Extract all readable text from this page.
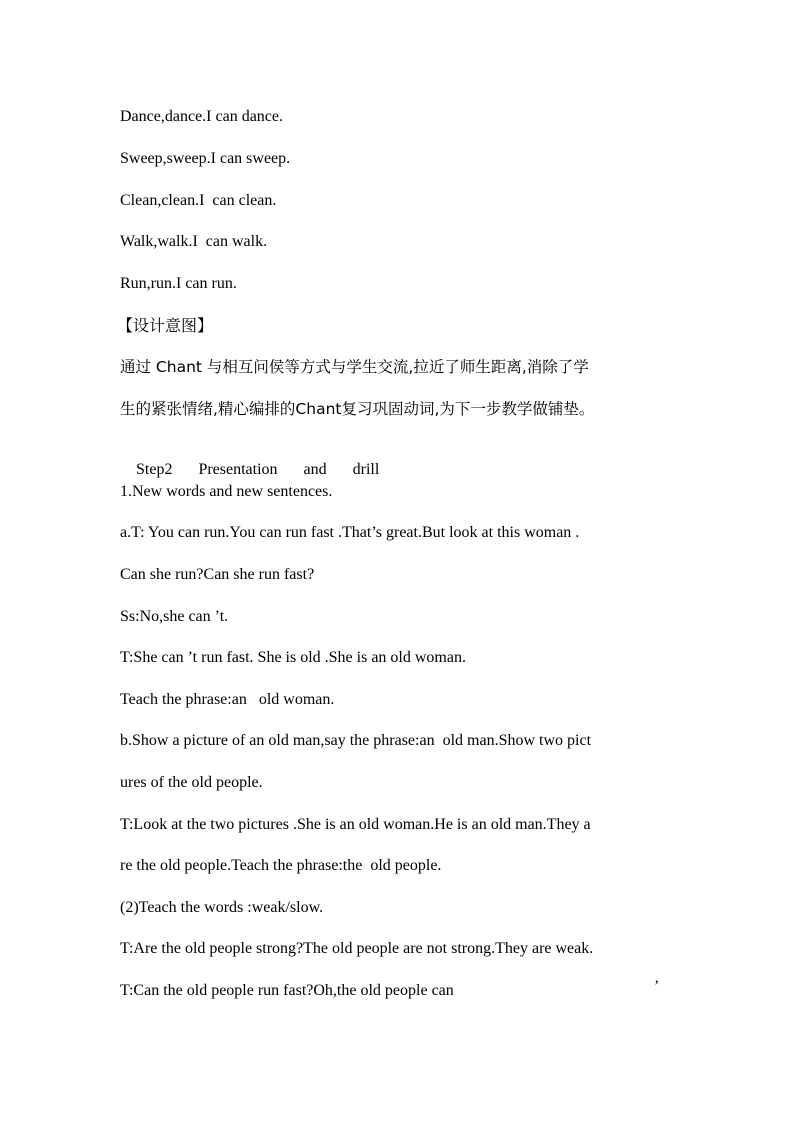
Dance,dance.I can dance.
Sweep,sweep.I can sweep.
Clean,clean.I  can clean.
Walk,walk.I  can walk.
Run,run.I can run.
【设计意图】
通过 Chant 与相互问侯等方式与学生交流,拉近了师生距离,消除了学
生的紧张情绪,精心编排的Chant复习巩固动词,为下一步教学做铺垫。

Step2 Presentation and drill

1.New words and new sentences.
a.T: You can run.You can run fast .That’s great.But look at this woman .
Can she run?Can she run fast?
Ss:No,she can ’t.
T:She can ’t run fast. She is old .She is an old woman.
Teach the phrase:an   old woman.
b.Show a picture of an old man,say the phrase:an  old man.Show two pict
ures of the old people.
T:Look at the two pictures .She is an old woman.He is an old man.They a
re the old people.Teach the phrase:the  old people.
(2)Teach the words :weak/slow.
T:Are the old people strong?The old people are not strong.They are weak.
T:Can the old people run fast?Oh,the old people can	’
